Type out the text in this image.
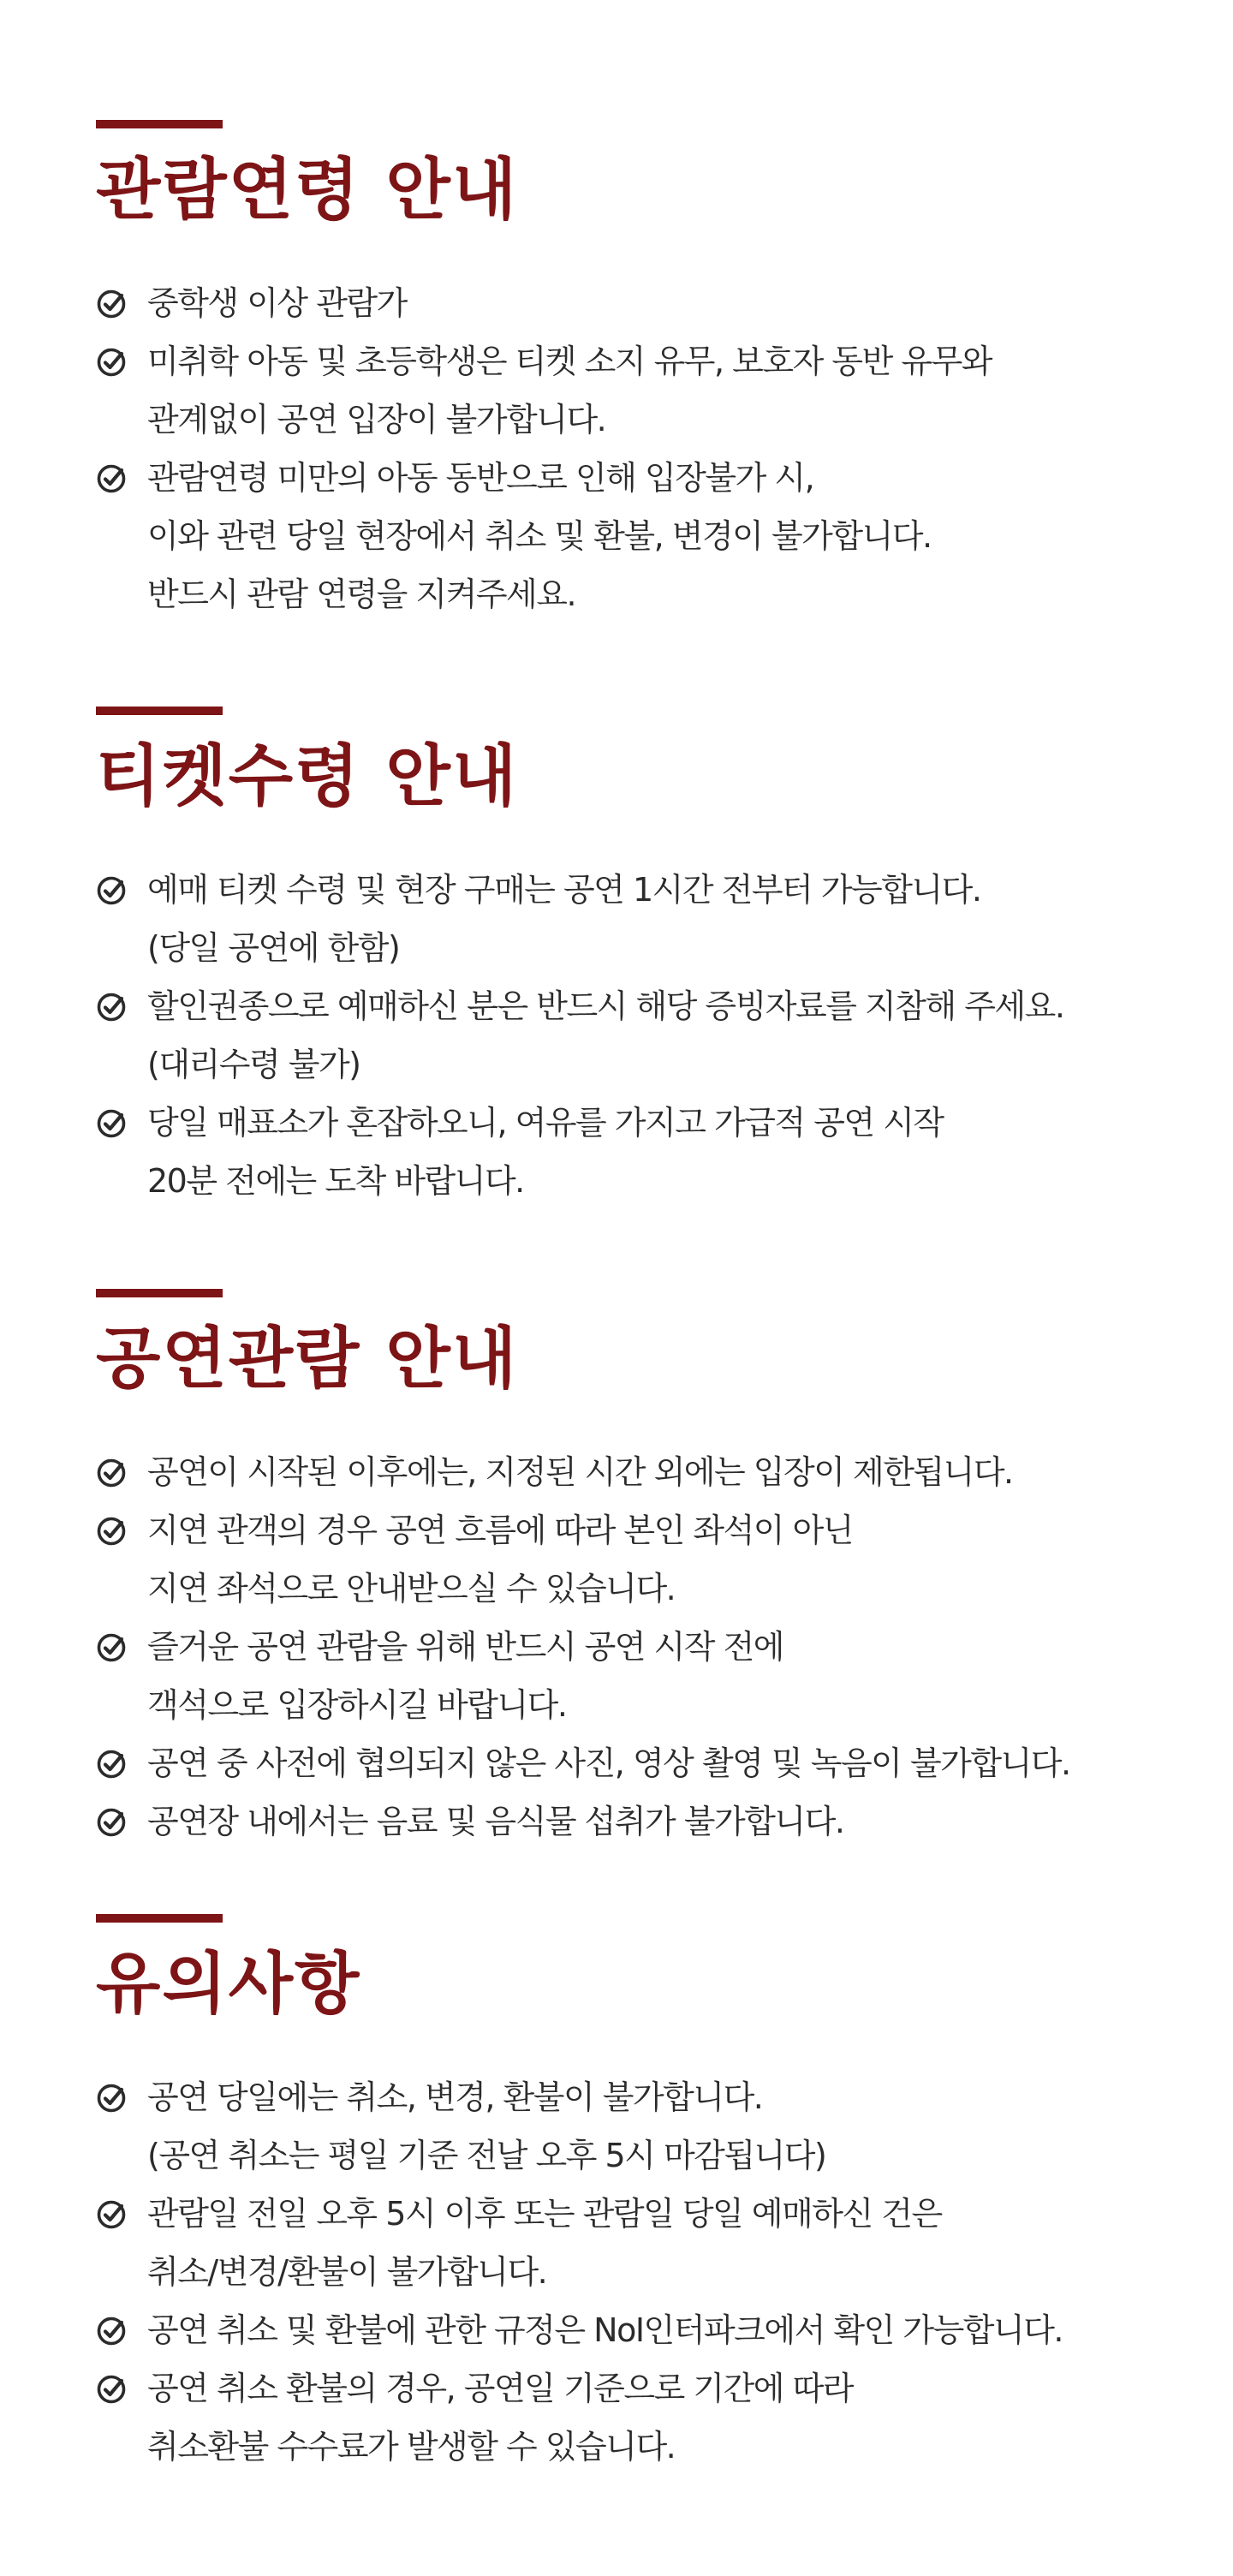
관람연령 안내
중학생 이상 관람가
미취학 아동 및 초등학생은 티켓 소지 유무, 보호자 동반 유무와
관계없이 공연 입장이 불가합니다.
관람연령 미만의 아동 동반으로 인해 입장불가 시,
이와 관련 당일 현장에서 취소 및 환불, 변경이 불가합니다.
반드시 관람 연령을 지켜주세요.
티켓수령 안내
예매 티켓 수령 및 현장 구매는 공연 1시간 전부터 가능합니다.
(당일 공연에 한함)
할인권종으로 예매하신 분은 반드시 해당 증빙자료를 지참해 주세요.
(대리수령 불가)
당일 매표소가 혼잡하오니, 여유를 가지고 가급적 공연 시작
20분 전에는 도착 바랍니다.
공연관람 안내
공연이 시작된 이후에는, 지정된 시간 외에는 입장이 제한됩니다.
지연 관객의 경우 공연 흐름에 따라 본인 좌석이 아닌
지연 좌석으로 안내받으실 수 있습니다.
즐거운 공연 관람을 위해 반드시 공연 시작 전에
객석으로 입장하시길 바랍니다.
공연 중 사전에 협의되지 않은 사진, 영상 촬영 및 녹음이 불가합니다.
공연장 내에서는 음료 및 음식물 섭취가 불가합니다.
유의사항
공연 당일에는 취소, 변경, 환불이 불가합니다.
(공연 취소는 평일 기준 전날 오후 5시 마감됩니다)
관람일 전일 오후 5시 이후 또는 관람일 당일 예매하신 건은
취소/변경/환불이 불가합니다.
공연 취소 및 환불에 관한 규정은 NoI인터파크에서 확인 가능합니다.
공연 취소 환불의 경우, 공연일 기준으로 기간에 따라
취소환불 수수료가 발생할 수 있습니다.
